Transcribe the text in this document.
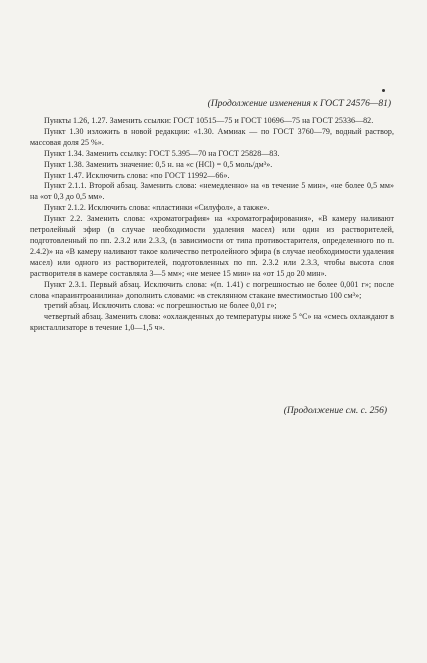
(Продолжение изменения к ГОСТ 24576—81)

Пункты 1.26, 1.27. Заменить ссылки: ГОСТ 10515—75 и ГОСТ 10696—75 на ГОСТ 25336—82.

Пункт 1.30 изложить в новой редакции: «1.30. Аммиак — по ГОСТ 3760—79, водный раствор, массовая доля 25 %».

Пункт 1.34. Заменить ссылку: ГОСТ 5.395—70 на ГОСТ 25828—83.

Пункт 1.38. Заменить значение: 0,5 н. на «с (HCl) = 0,5 моль/дм³».

Пункт 1.47. Исключить слова: «по ГОСТ 11992—66».

Пункт 2.1.1. Второй абзац. Заменить слова: «немедленно» на «в течение 5 мин», «не более 0,5 мм» на «от 0,3 до 0,5 мм».

Пункт 2.1.2. Исключить слова: «пластинки «Силуфол», а также».

Пункт 2.2. Заменить слова: «хроматография» на «хроматографирования», «В камеру наливают петролейный эфир (в случае необходимости удаления масел) или один из растворителей, подготовленный по пп. 2.3.2 или 2.3.3, (в зависимости от типа противостарителя, определенного по п. 2.4.2)» на «В камеру наливают такое количество петролейного эфира (в случае необходимости удаления масел) или одного из растворителей, подготовленных по пп. 2.3.2 или 2.3.3, чтобы высота слоя растворителя в камере составляла 3—5 мм»; «не менее 15 мин» на «от 15 до 20 мин».

Пункт 2.3.1. Первый абзац. Исключить слова: «(п. 1.41) с погрешностью не более 0,001 г»; после слова «параинтроанилина» дополнить словами: «в стеклянном стакане вместимостью 100 см³»;

третий абзац. Исключить слова: «с погрешностью не более 0,01 г»;

четвертый абзац. Заменить слова: «охлажденных до температуры ниже 5 °С» на «смесь охлаждают в кристаллизаторе в течение 1,0—1,5 ч».

(Продолжение см. с. 256)
